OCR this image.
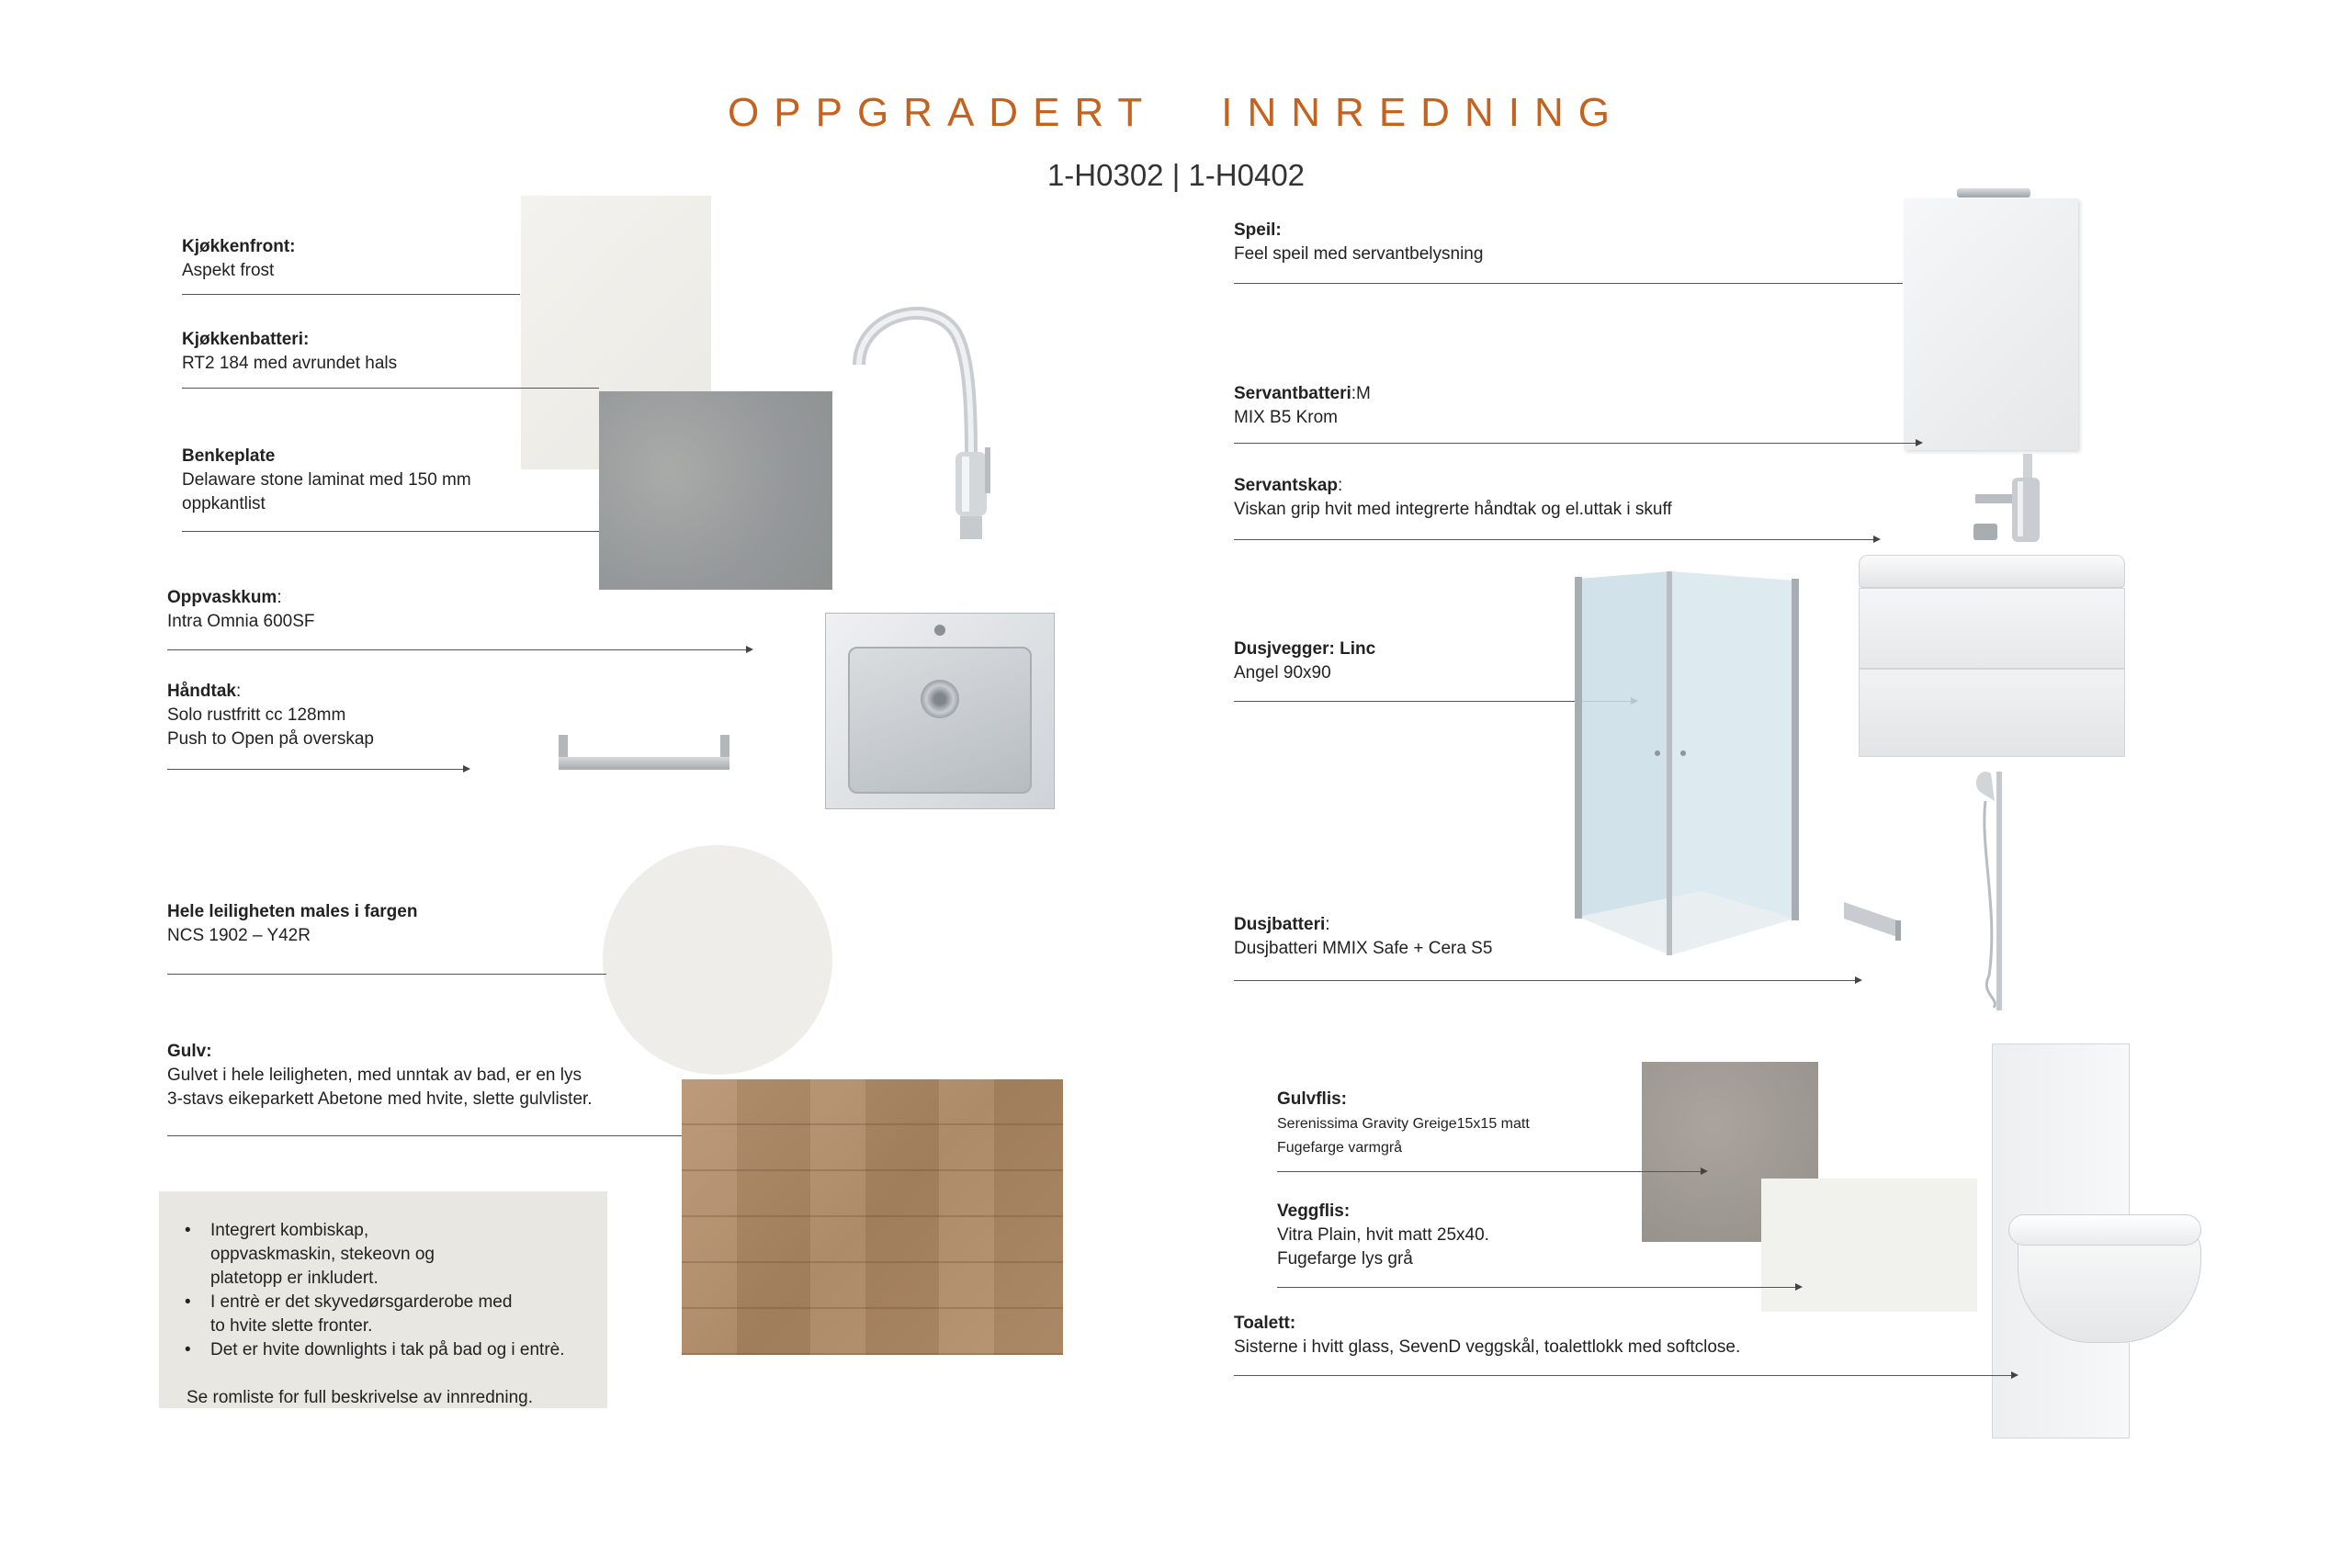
OPPGRADERT INNREDNING
1-H0302 | 1-H0402
Kjøkkenfront:
Aspekt frost
Kjøkkenbatteri:
RT2 184 med avrundet hals
Benkeplate
Delaware stone laminat med 150 mm
oppkantlist
Oppvaskkum:
Intra Omnia 600SF
Håndtak:
Solo rustfritt cc 128mm
Push to Open på overskap
Hele leiligheten males i fargen
NCS 1902 – Y42R
Gulv:
Gulvet i hele leiligheten, med unntak av bad, er en lys
3-stavs eikeparkett Abetone med hvite, slette gulvlister.
• Integrert kombiskap,
oppvaskmaskin, stekeovn og
platetopp er inkludert.
• I entrè er det skyvedørsgarderobe med
to hvite slette fronter.
• Det er hvite downlights i tak på bad og i entrè.
Se romliste for full beskrivelse av innredning.
Speil:
Feel speil med servantbelysning
Servantbatteri:M
MIX B5 Krom
Servantskap:
Viskan grip hvit med integrerte håndtak og el.uttak i skuff
Dusjvegger: Linc
Angel 90x90
Dusjbatteri:
Dusjbatteri MMIX Safe + Cera S5
Gulvflis:
Serenissima Gravity Greige15x15 matt
Fugefarge varmgrå
Veggflis:
Vitra Plain, hvit matt 25x40.
Fugefarge lys grå
Toalett:
Sisterne i hvitt glass, SevenD veggskål, toalettlokk med softclose.
